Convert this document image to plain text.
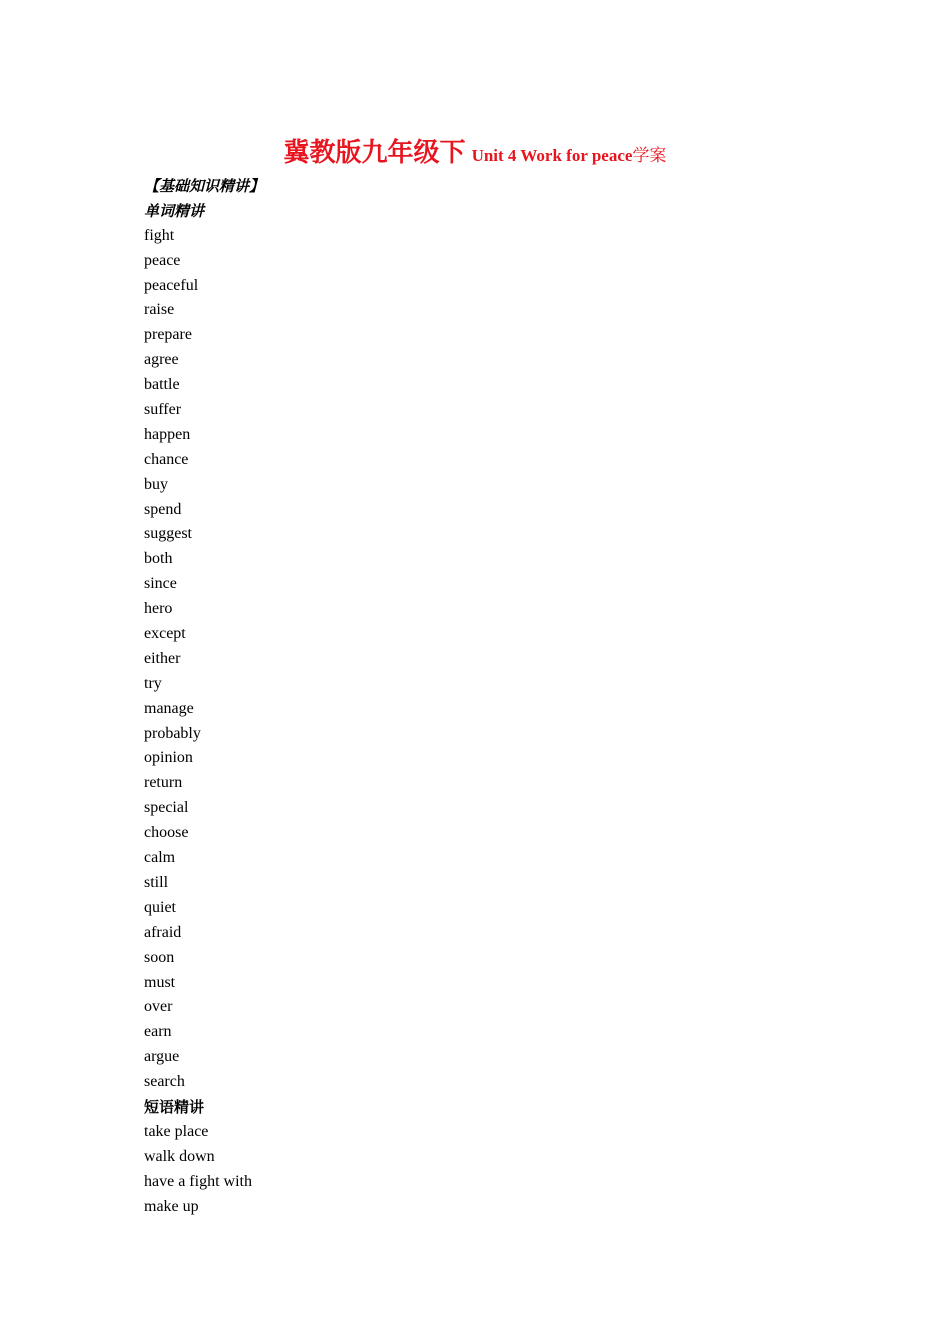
冀教版九年级下 Unit 4 Work for peace学案
【基础知识精讲】
单词精讲
fight
peace
peaceful
raise
prepare
agree
battle
suffer
happen
chance
buy
spend
suggest
both
since
hero
except
either
try
manage
probably
opinion
return
special
choose
calm
still
quiet
afraid
soon
must
over
earn
argue
search
短语精讲
take place
walk down
have a fight with
make up
